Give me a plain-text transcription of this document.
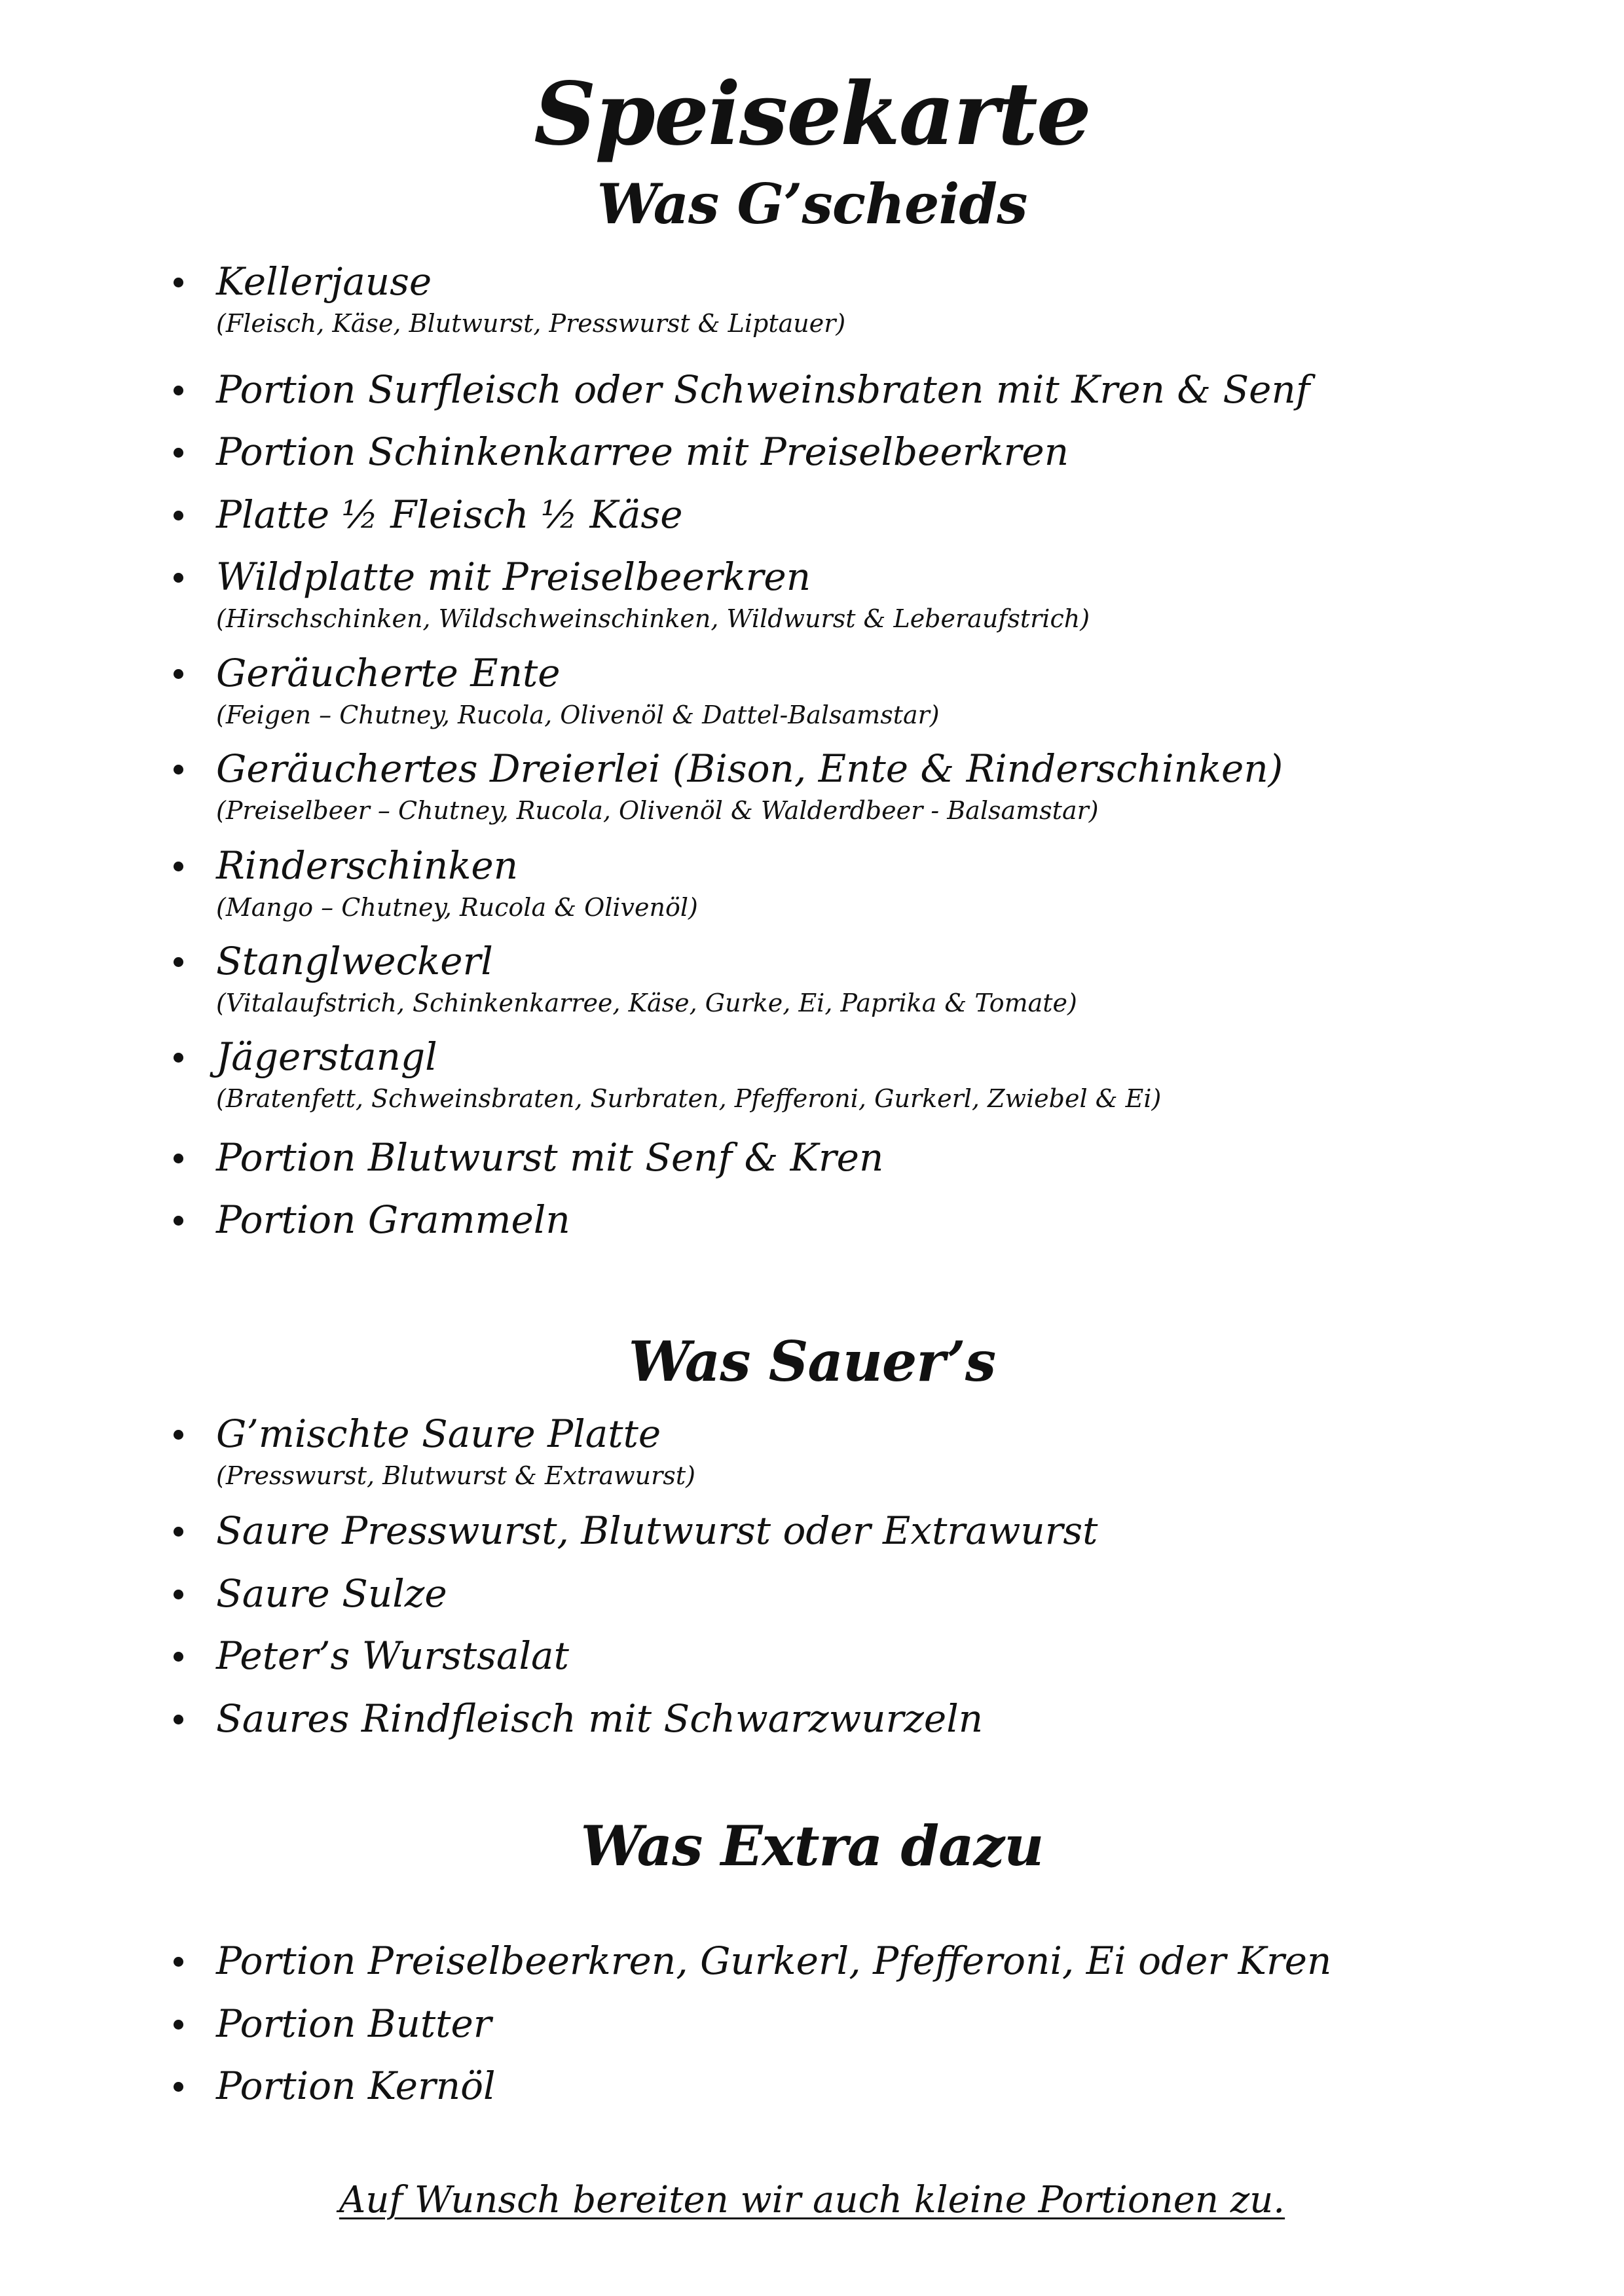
Speisekarte
Was G’scheids
Kellerjause
(Fleisch, Käse, Blutwurst, Presswurst & Liptauer)
Portion Surfleisch oder Schweinsbraten mit Kren & Senf
Portion Schinkenkarree mit Preiselbeerkren
Platte ½ Fleisch ½ Käse
Wildplatte mit Preiselbeerkren
(Hirschschinken, Wildschweinschinken, Wildwurst & Leberaufstrich)
Geräucherte Ente
(Feigen – Chutney, Rucola, Olivenöl & Dattel-Balsamstar)
Geräuchertes Dreierlei (Bison, Ente & Rinderschinken)
(Preiselbeer – Chutney, Rucola, Olivenöl & Walderdbeer - Balsamstar)
Rinderschinken
(Mango – Chutney, Rucola & Olivenöl)
Stanglweckerl
(Vitalaufstrich, Schinkenkarree, Käse, Gurke, Ei, Paprika & Tomate)
Jägerstangl
(Bratenfett, Schweinsbraten, Surbraten, Pfefferoni, Gurkerl, Zwiebel & Ei)
Portion Blutwurst mit Senf & Kren
Portion Grammeln
Was Sauer’s
G’mischte Saure Platte
(Presswurst, Blutwurst & Extrawurst)
Saure Presswurst, Blutwurst oder Extrawurst
Saure Sulze
Peter’s Wurstsalat
Saures Rindfleisch mit Schwarzwurzeln
Was Extra dazu
Portion Preiselbeerkren, Gurkerl, Pfefferoni, Ei oder Kren
Portion Butter
Portion Kernöl
Auf Wunsch bereiten wir auch kleine Portionen zu.
